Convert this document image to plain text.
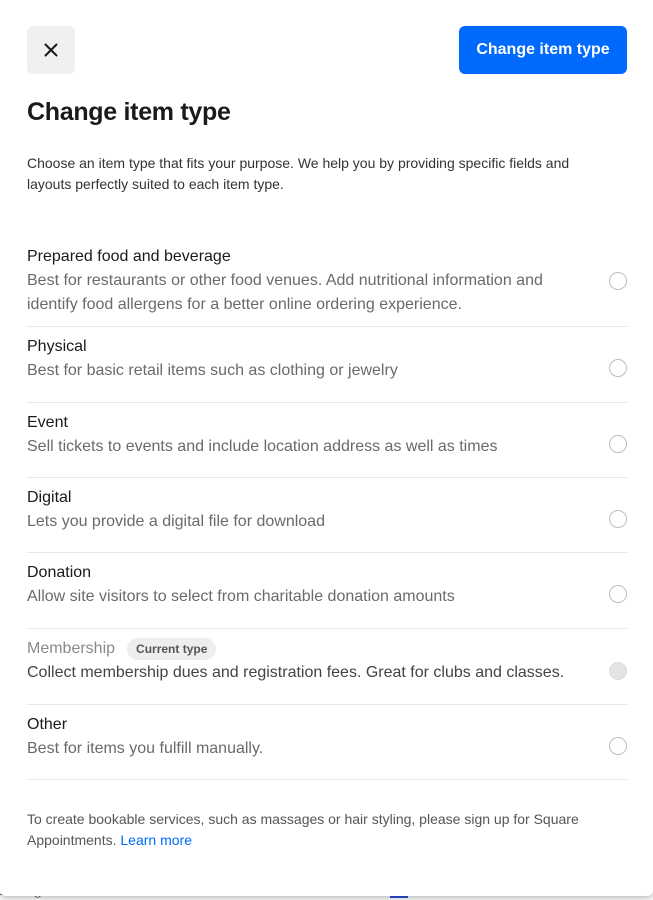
Change item type
Change item type

Choose an item type that fits your purpose. We help you by providing specific fields and layouts perfectly suited to each item type.

Prepared food and beverage
Best for restaurants or other food venues. Add nutritional information and identify food allergens for a better online ordering experience.
Physical
Best for basic retail items such as clothing or jewelry
Event
Sell tickets to events and include location address as well as times
Digital
Lets you provide a digital file for download
Donation
Allow site visitors to select from charitable donation amounts
Membership	Current type
Collect membership dues and registration fees. Great for clubs and classes.
Other
Best for items you fulfill manually.

To create bookable services, such as massages or hair styling, please sign up for Square Appointments. Learn more
